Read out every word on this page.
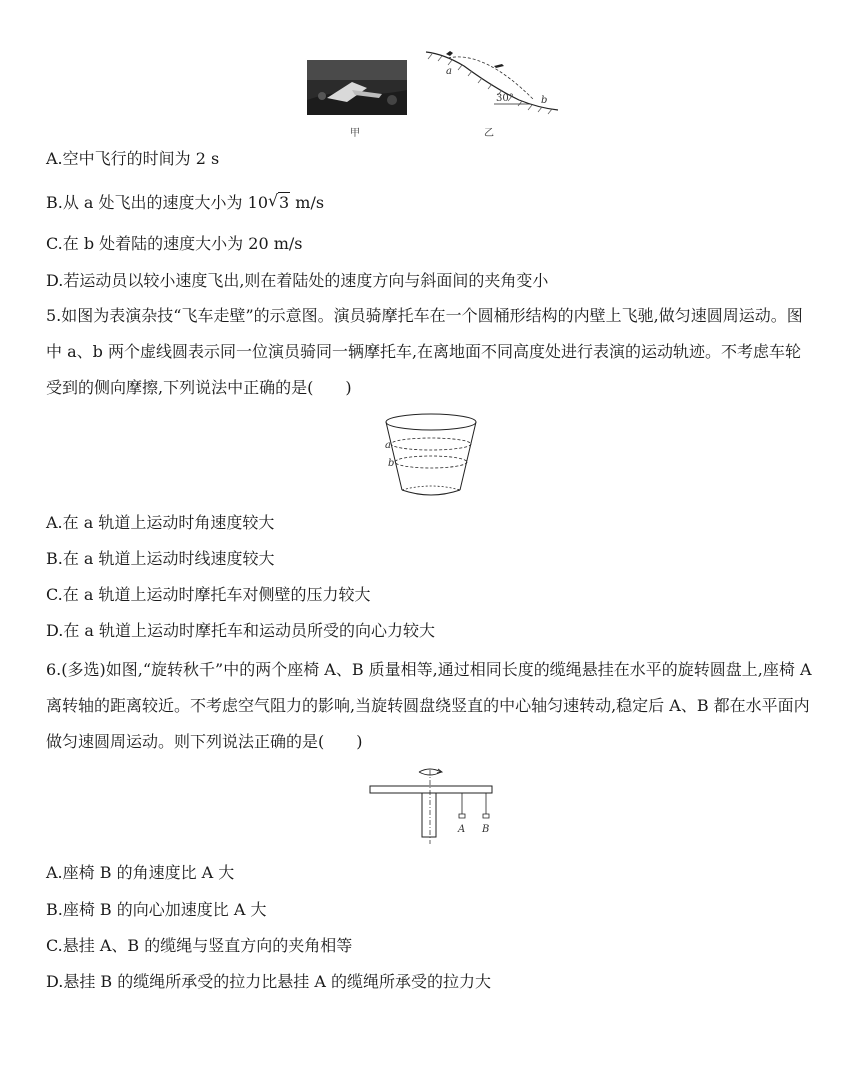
甲
a
b
30°
乙
A.空中飞行的时间为 2 s
B.从 a 处飞出的速度大小为 10 √ 3 m/s
C.在 b 处着陆的速度大小为 20 m/s
D.若运动员以较小速度飞出,则在着陆处的速度方向与斜面间的夹角变小
5.如图为表演杂技“飞车走壁”的示意图。演员骑摩托车在一个圆桶形结构的内壁上飞驰,做匀速圆周运动。图中 a、b 两个虚线圆表示同一位演员骑同一辆摩托车,在离地面不同高度处进行表演的运动轨迹。不考虑车轮受到的侧向摩擦,下列说法中正确的是(　　)
a
b
A.在 a 轨道上运动时角速度较大
B.在 a 轨道上运动时线速度较大
C.在 a 轨道上运动时摩托车对侧壁的压力较大
D.在 a 轨道上运动时摩托车和运动员所受的向心力较大
6.(多选)如图,“旋转秋千”中的两个座椅 A、B 质量相等,通过相同长度的缆绳悬挂在水平的旋转圆盘上,座椅 A 离转轴的距离较近。不考虑空气阻力的影响,当旋转圆盘绕竖直的中心轴匀速转动,稳定后 A、B 都在水平面内做匀速圆周运动。则下列说法正确的是(　　)
A B
A.座椅 B 的角速度比 A 大
B.座椅 B 的向心加速度比 A 大
C.悬挂 A、B 的缆绳与竖直方向的夹角相等
D.悬挂 B 的缆绳所承受的拉力比悬挂 A 的缆绳所承受的拉力大
